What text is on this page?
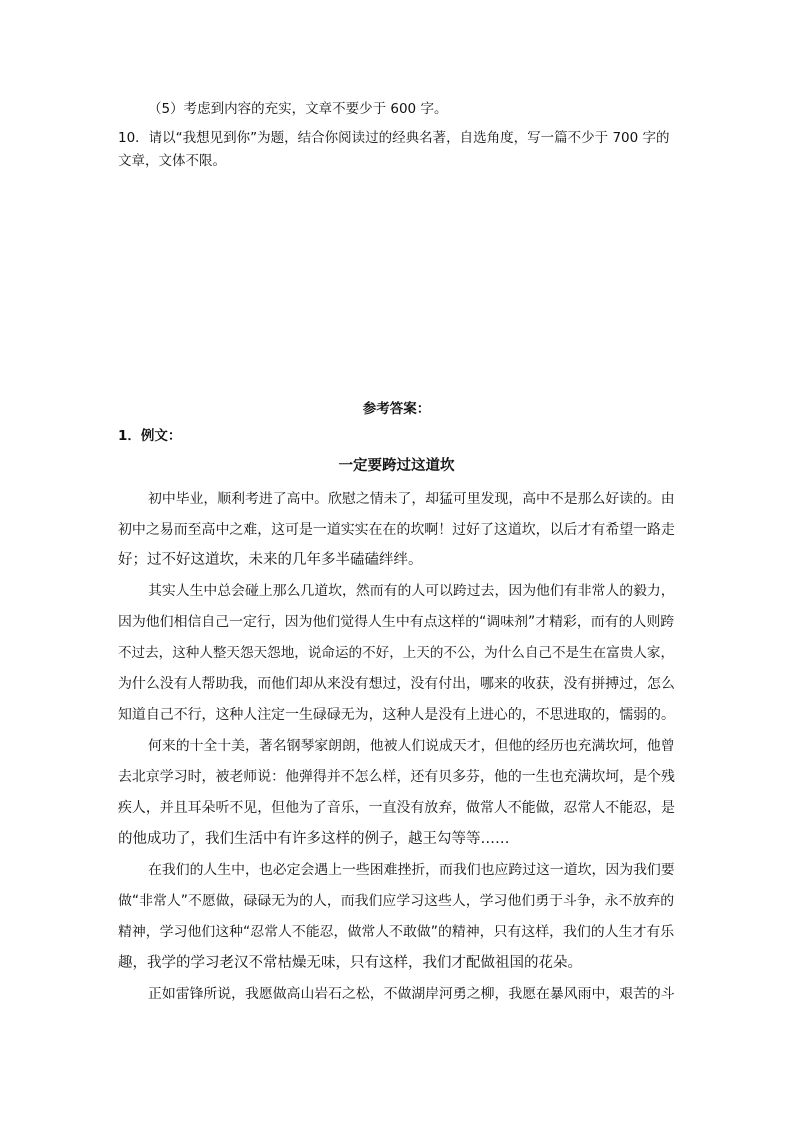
（5）考虑到内容的充实，文章不要少于 600 字。

10．请以“我想见到你”为题，结合你阅读过的经典名著，自选角度，写一篇不少于 700 字的

文章，文体不限。

参考答案：

1．例文：

一定要跨过这道坎

初中毕业，顺利考进了高中。欣慰之情未了，却猛可里发现，高中不是那么好读的。由

初中之易而至高中之难，这可是一道实实在在的坎啊！过好了这道坎，以后才有希望一路走

好；过不好这道坎，未来的几年多半磕磕绊绊。

其实人生中总会碰上那么几道坎，然而有的人可以跨过去，因为他们有非常人的毅力，

因为他们相信自己一定行，因为他们觉得人生中有点这样的“调味剂”才精彩，而有的人则跨

不过去，这种人整天怨天怨地，说命运的不好，上天的不公，为什么自己不是生在富贵人家，

为什么没有人帮助我，而他们却从来没有想过，没有付出，哪来的收获，没有拼搏过，怎么

知道自己不行，这种人注定一生碌碌无为，这种人是没有上进心的，不思进取的，懦弱的。

何来的十全十美，著名钢琴家朗朗，他被人们说成天才，但他的经历也充满坎坷，他曾

去北京学习时，被老师说：他弹得并不怎么样，还有贝多芬，他的一生也充满坎坷，是个残

疾人，并且耳朵听不见，但他为了音乐，一直没有放弃，做常人不能做，忍常人不能忍，是

的他成功了，我们生活中有许多这样的例子，越王勾等等……

在我们的人生中，也必定会遇上一些困难挫折，而我们也应跨过这一道坎，因为我们要

做“非常人”不愿做，碌碌无为的人，而我们应学习这些人，学习他们勇于斗争，永不放弃的

精神，学习他们这种“忍常人不能忍，做常人不敢做”的精神，只有这样，我们的人生才有乐

趣，我学的学习老汉不常枯燥无味，只有这样，我们才配做祖国的花朵。

正如雷锋所说，我愿做高山岩石之松，不做湖岸河勇之柳，我愿在暴风雨中，艰苦的斗
